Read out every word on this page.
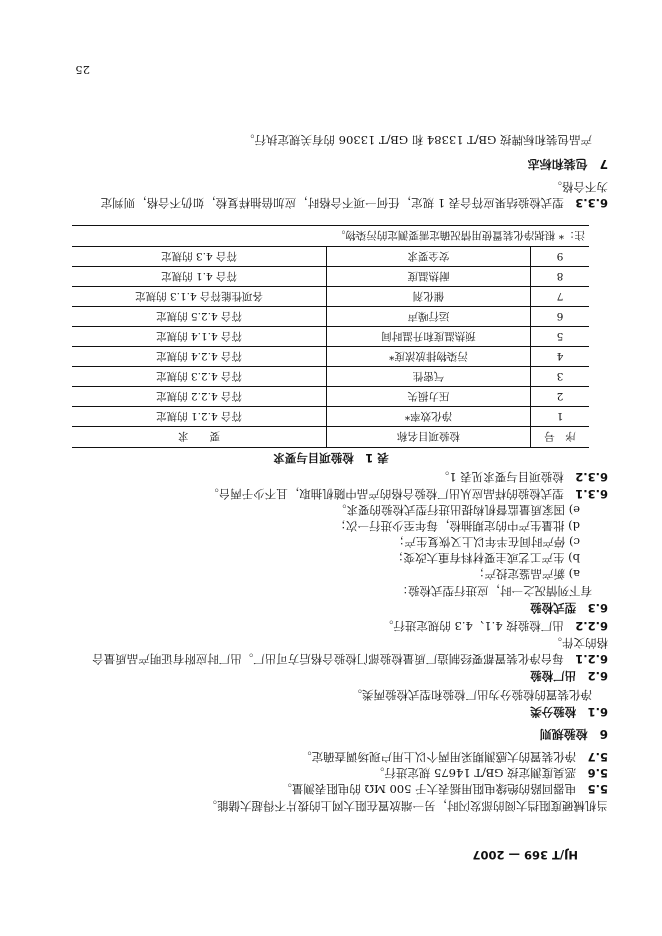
HJ/T 369 — 2007
当机械硬度阻挡大阅的部发闪时，另一端放置在阻大网上的拨片不得超大储能。
5.5　电器回路的绝缘电阻用摇表大于 500 MΩ 的电阻表测量。
5.6　恶臭度测定按 GB/T 14675 规定进行。
5.7　净化装置的大感测期采用两个以上用户现场调查确定。
6　检验规则
6.1　检验分类
净化装置的检验分为出厂检验和型式检验两类。
6.2　出厂检验
6.2.1　每台净化装置都要经制造厂质量检验部门检验合格后方可出厂。出厂时应附有证明产品质量合
格的文件。
6.2.2　出厂检验按 4.1、4.3 的规定进行。
6.3　型式检验
有下列情况之一时，应进行型式检验：
a) 新产品鉴定投产；
b) 生产工艺或主要材料有重大改变；
c) 停产时间在半年以上又恢复生产；
d) 批量生产中的定期抽检，每年至少进行一次；
e) 国家质量监督机构提出进行型式检验的要求。
6.3.1　型式检验的样品应从出厂检验合格的产品中随机抽取，且不少于两台。
6.3.2　检验项目与要求见表 1。
表 1　检验项目与要求
序　号	检验项目名称	要　　求
1	净化效率*	符合 4.2.1 的规定
2	压力损失	符合 4.2.2 的规定
3	气密性	符合 4.2.3 的规定
4	污染物排放浓度*	符合 4.2.4 的规定
5	预热温度和升温时间	符合 4.1.4 的规定
6	运行噪声	符合 4.2.5 的规定
7	催化剂	各项性能符合 4.1.3 的规定
8	耐热温度	符合 4.1 的规定
9	安全要求	符合 4.3 的规定
注：* 根据净化装置使用情况确定需要测定的污染物。		
6.3.3　型式检验结果应符合表 1 规定，任何一项不合格时，应加倍抽样复检，如仍不合格，则判定
为不合格。
7　包装和标志
产品包装和标牌按 GB/T 13384 和 GB/T 13306 的有关规定执行。
25
